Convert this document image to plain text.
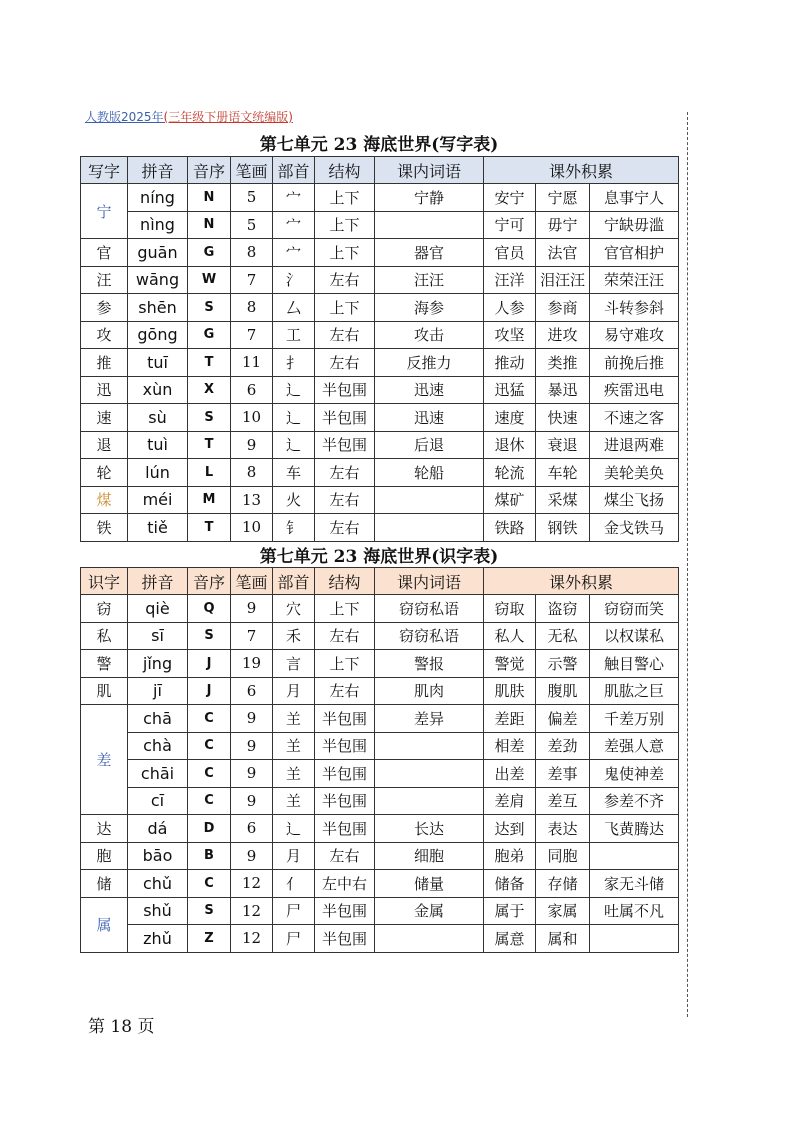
人教版2025年(三年级下册语文统编版)
第七单元 23 海底世界(写字表)
写字	拼音	音序	笔画	部首	结构	课内词语	课外积累		
宁	níng	N	5	宀	上下	宁静	安宁	宁愿	息事宁人
	nìng	N	5	宀	上下		宁可	毋宁	宁缺毋滥
官	guān	G	8	宀	上下	器官	官员	法官	官官相护
汪	wāng	W	7	氵	左右	汪汪	汪洋	泪汪汪	荣荣汪汪
参	shēn	S	8	厶	上下	海参	人参	参商	斗转参斜
攻	gōng	G	7	工	左右	攻击	攻坚	进攻	易守难攻
推	tuī	T	11	扌	左右	反推力	推动	类推	前挽后推
迅	xùn	X	6	辶	半包围	迅速	迅猛	暴迅	疾雷迅电
速	sù	S	10	辶	半包围	迅速	速度	快速	不速之客
退	tuì	T	9	辶	半包围	后退	退休	衰退	进退两难
轮	lún	L	8	车	左右	轮船	轮流	车轮	美轮美奂
煤	méi	M	13	火	左右		煤矿	采煤	煤尘飞扬
铁	tiě	T	10	钅	左右		铁路	钢铁	金戈铁马
第七单元 23 海底世界(识字表)
识字	拼音	音序	笔画	部首	结构	课内词语	课外积累		
窃	qiè	Q	9	穴	上下	窃窃私语	窃取	盗窃	窃窃而笑
私	sī	S	7	禾	左右	窃窃私语	私人	无私	以权谋私
警	jǐng	J	19	言	上下	警报	警觉	示警	触目警心
肌	jī	J	6	月	左右	肌肉	肌肤	腹肌	肌肱之巨
差	chā	C	9	𦍌	半包围	差异	差距	偏差	千差万别
	chà	C	9	𦍌	半包围		相差	差劲	差强人意
	chāi	C	9	𦍌	半包围		出差	差事	鬼使神差
	cī	C	9	𦍌	半包围		差肩	差互	参差不齐
达	dá	D	6	辶	半包围	长达	达到	表达	飞黄腾达
胞	bāo	B	9	月	左右	细胞	胞弟	同胞	
储	chǔ	C	12	亻	左中右	储量	储备	存储	家无斗储
属	shǔ	S	12	尸	半包围	金属	属于	家属	吐属不凡
	zhǔ	Z	12	尸	半包围		属意	属和	
第 18 页
